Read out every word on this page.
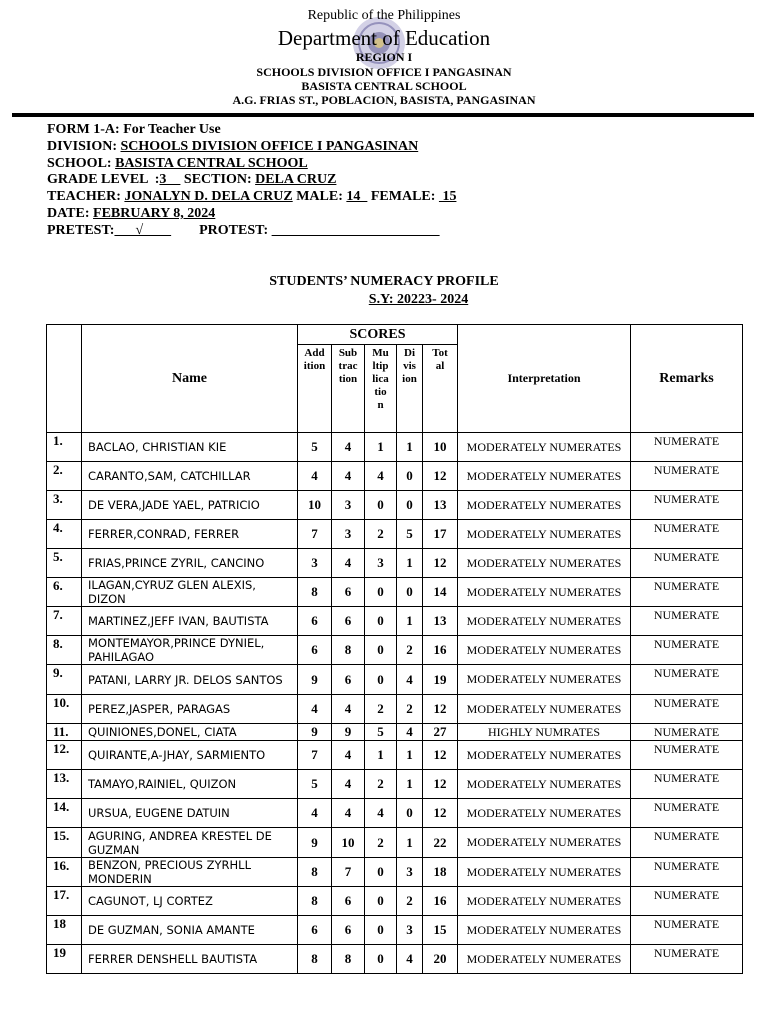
Republic of the Philippines
Department of Education
REGION I
SCHOOLS DIVISION OFFICE I PANGASINAN
BASISTA CENTRAL SCHOOL
A.G. FRIAS ST., POBLACION, BASISTA, PANGASINAN
FORM 1-A: For Teacher Use
DIVISION: SCHOOLS DIVISION OFFICE I PANGASINAN
SCHOOL: BASISTA CENTRAL SCHOOL
GRADE LEVEL  :3     SECTION: DELA CRUZ
TEACHER: JONALYN D. DELA CRUZ MALE: 14   FEMALE:  15
DATE: FEBRUARY 8, 2024
PRETEST:      √                PROTEST:
STUDENTS’ NUMERACY PROFILE
S.Y: 20223- 2024
	Name	SCORES					Interpretation	Remarks
		Addition	Subtraction	Multiplication	Division	Total		
1.	BACLAO, CHRISTIAN KIE	5	4	1	1	10	MODERATELY NUMERATES	NUMERATE
2.	CARANTO,SAM, CATCHILLAR	4	4	4	0	12	MODERATELY NUMERATES	NUMERATE
3.	DE VERA,JADE YAEL, PATRICIO	10	3	0	0	13	MODERATELY NUMERATES	NUMERATE
4.	FERRER,CONRAD, FERRER	7	3	2	5	17	MODERATELY NUMERATES	NUMERATE
5.	FRIAS,PRINCE ZYRIL, CANCINO	3	4	3	1	12	MODERATELY NUMERATES	NUMERATE
6.	ILAGAN,CYRUZ GLEN ALEXIS, DIZON	8	6	0	0	14	MODERATELY NUMERATES	NUMERATE
7.	MARTINEZ,JEFF IVAN, BAUTISTA	6	6	0	1	13	MODERATELY NUMERATES	NUMERATE
8.	MONTEMAYOR,PRINCE DYNIEL, PAHILAGAO	6	8	0	2	16	MODERATELY NUMERATES	NUMERATE
9.	PATANI, LARRY JR. DELOS SANTOS	9	6	0	4	19	MODERATELY NUMERATES	NUMERATE
10.	PEREZ,JASPER, PARAGAS	4	4	2	2	12	MODERATELY NUMERATES	NUMERATE
11.	QUINIONES,DONEL, CIATA	9	9	5	4	27	HIGHLY NUMRATES	NUMERATE
12.	QUIRANTE,A-JHAY, SARMIENTO	7	4	1	1	12	MODERATELY NUMERATES	NUMERATE
13.	TAMAYO,RAINIEL, QUIZON	5	4	2	1	12	MODERATELY NUMERATES	NUMERATE
14.	URSUA, EUGENE DATUIN	4	4	4	0	12	MODERATELY NUMERATES	NUMERATE
15.	AGURING, ANDREA KRESTEL DE GUZMAN	9	10	2	1	22	MODERATELY NUMERATES	NUMERATE
16.	BENZON, PRECIOUS ZYRHLL MONDERIN	8	7	0	3	18	MODERATELY NUMERATES	NUMERATE
17.	CAGUNOT, LJ CORTEZ	8	6	0	2	16	MODERATELY NUMERATES	NUMERATE
18	DE GUZMAN, SONIA AMANTE	6	6	0	3	15	MODERATELY NUMERATES	NUMERATE
19	FERRER DENSHELL BAUTISTA	8	8	0	4	20	MODERATELY NUMERATES	NUMERATE
